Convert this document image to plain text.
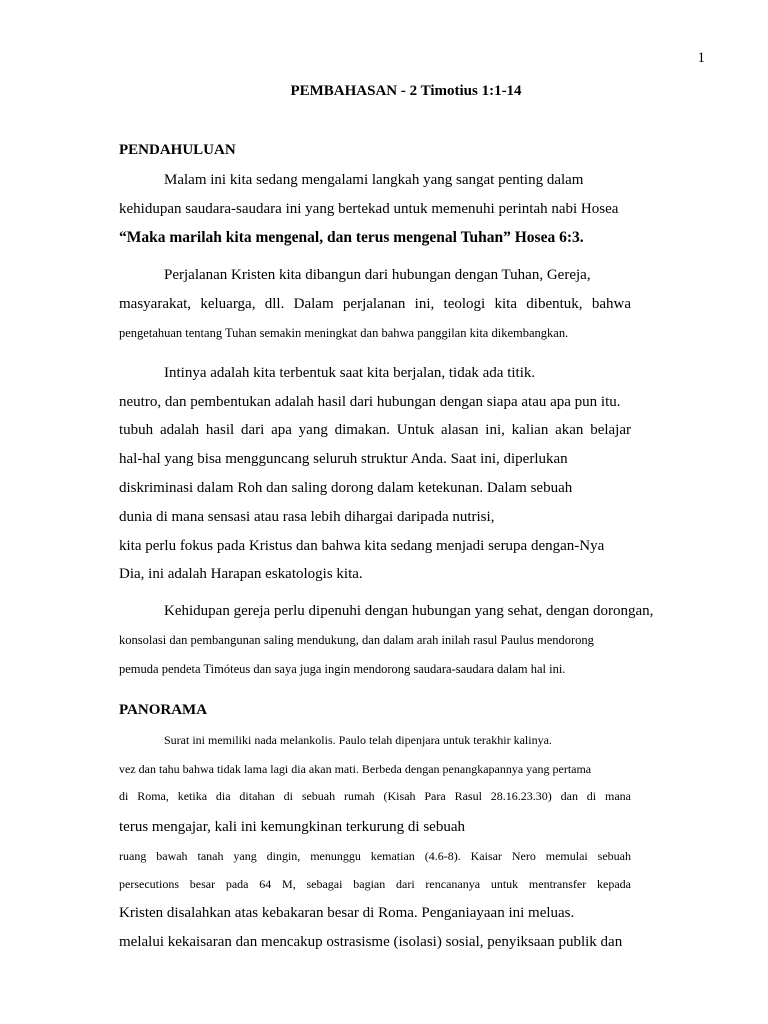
1
PEMBAHASAN - 2 Timotius 1:1-14
PENDAHULUAN
Malam ini kita sedang mengalami langkah yang sangat penting dalam
kehidupan saudara-saudara ini yang bertekad untuk memenuhi perintah nabi Hosea
“Maka marilah kita mengenal, dan terus mengenal Tuhan” Hosea 6:3.
Perjalanan Kristen kita dibangun dari hubungan dengan Tuhan, Gereja,
masyarakat, keluarga, dll. Dalam perjalanan ini, teologi kita dibentuk, bahwa
pengetahuan tentang Tuhan semakin meningkat dan bahwa panggilan kita dikembangkan.
Intinya adalah kita terbentuk saat kita berjalan, tidak ada titik.
neutro, dan pembentukan adalah hasil dari hubungan dengan siapa atau apa pun itu.
tubuh adalah hasil dari apa yang dimakan. Untuk alasan ini, kalian akan belajar
hal-hal yang bisa mengguncang seluruh struktur Anda. Saat ini, diperlukan
diskriminasi dalam Roh dan saling dorong dalam ketekunan. Dalam sebuah
dunia di mana sensasi atau rasa lebih dihargai daripada nutrisi,
kita perlu fokus pada Kristus dan bahwa kita sedang menjadi serupa dengan-Nya
Dia, ini adalah Harapan eskatologis kita.
Kehidupan gereja perlu dipenuhi dengan hubungan yang sehat, dengan dorongan,
konsolasi dan pembangunan saling mendukung, dan dalam arah inilah rasul Paulus mendorong
pemuda pendeta Timóteus dan saya juga ingin mendorong saudara-saudara dalam hal ini.
PANORAMA
Surat ini memiliki nada melankolis. Paulo telah dipenjara untuk terakhir kalinya.
vez dan tahu bahwa tidak lama lagi dia akan mati. Berbeda dengan penangkapannya yang pertama
di Roma, ketika dia ditahan di sebuah rumah (Kisah Para Rasul 28.16.23.30) dan di mana
terus mengajar, kali ini kemungkinan terkurung di sebuah
ruang bawah tanah yang dingin, menunggu kematian (4.6-8). Kaisar Nero memulai sebuah
persecutions besar pada 64 M, sebagai bagian dari rencananya untuk mentransfer kepada
Kristen disalahkan atas kebakaran besar di Roma. Penganiayaan ini meluas.
melalui kekaisaran dan mencakup ostrasisme (isolasi) sosial, penyiksaan publik dan
